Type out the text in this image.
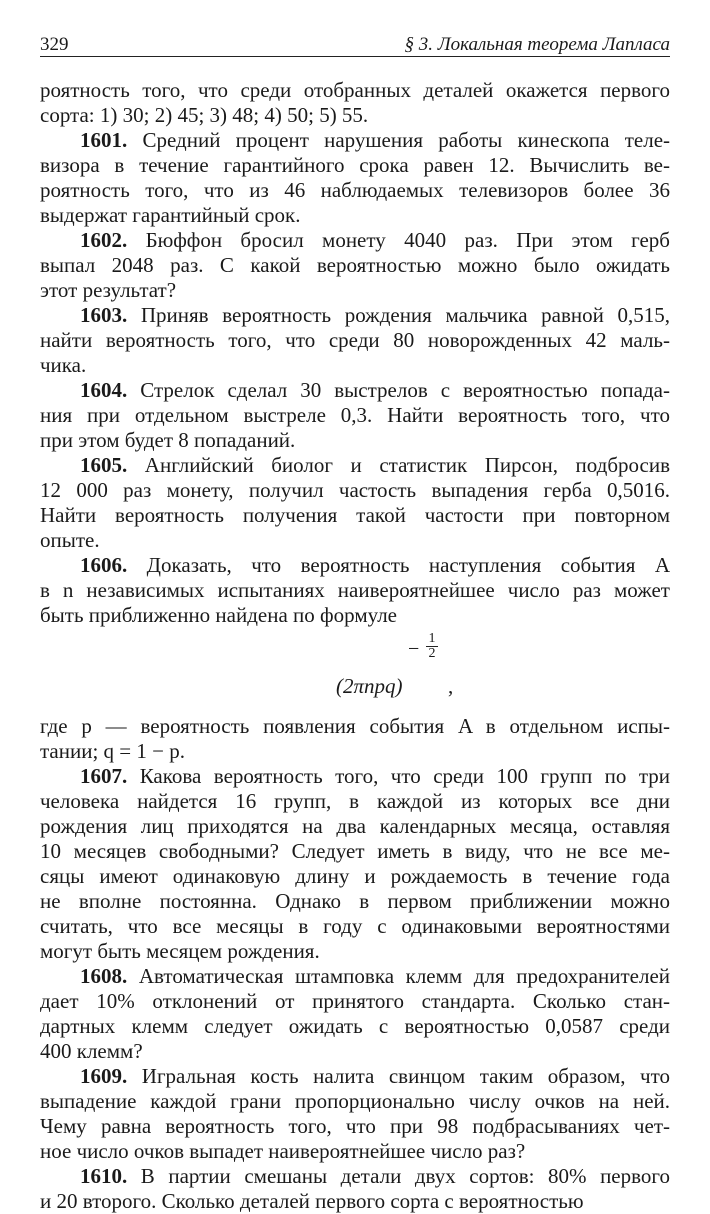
329	§ 3. Локальная теорема Лапласа
роятность того, что среди отобранных деталей окажется первого
сорта: 1) 30; 2) 45; 3) 48; 4) 50; 5) 55.
1601. Средний процент нарушения работы кинескопа теле-
визора в течение гарантийного срока равен 12. Вычислить ве-
роятность того, что из 46 наблюдаемых телевизоров более 36
выдержат гарантийный срок.
1602. Бюффон бросил монету 4040 раз. При этом герб
выпал 2048 раз. С какой вероятностью можно было ожидать
этот результат?
1603. Приняв вероятность рождения мальчика равной 0,515,
найти вероятность того, что среди 80 новорожденных 42 маль-
чика.
1604. Стрелок сделал 30 выстрелов с вероятностью попада-
ния при отдельном выстреле 0,3. Найти вероятность того, что
при этом будет 8 попаданий.
1605. Английский биолог и статистик Пирсон, подбросив
12 000 раз монету, получил частость выпадения герба 0,5016.
Найти вероятность получения такой частости при повторном
опыте.
1606. Доказать, что вероятность наступления события A
в n независимых испытаниях наивероятнейшее число раз может
быть приближенно найдена по формуле
(2πnpq)
− $\frac{1}{2}$
,
где p — вероятность появления события A в отдельном испы-
тании; q = 1 − p.
1607. Какова вероятность того, что среди 100 групп по три
человека найдется 16 групп, в каждой из которых все дни
рождения лиц приходятся на два календарных месяца, оставляя
10 месяцев свободными? Следует иметь в виду, что не все ме-
сяцы имеют одинаковую длину и рождаемость в течение года
не вполне постоянна. Однако в первом приближении можно
считать, что все месяцы в году с одинаковыми вероятностями
могут быть месяцем рождения.
1608. Автоматическая штамповка клемм для предохранителей
дает 10% отклонений от принятого стандарта. Сколько стан-
дартных клемм следует ожидать с вероятностью 0,0587 среди
400 клемм?
1609. Игральная кость налита свинцом таким образом, что
выпадение каждой грани пропорционально числу очков на ней.
Чему равна вероятность того, что при 98 подбрасываниях чет-
ное число очков выпадет наивероятнейшее число раз?
1610. В партии смешаны детали двух сортов: 80% первого
и 20 второго. Сколько деталей первого сорта с вероятностью
